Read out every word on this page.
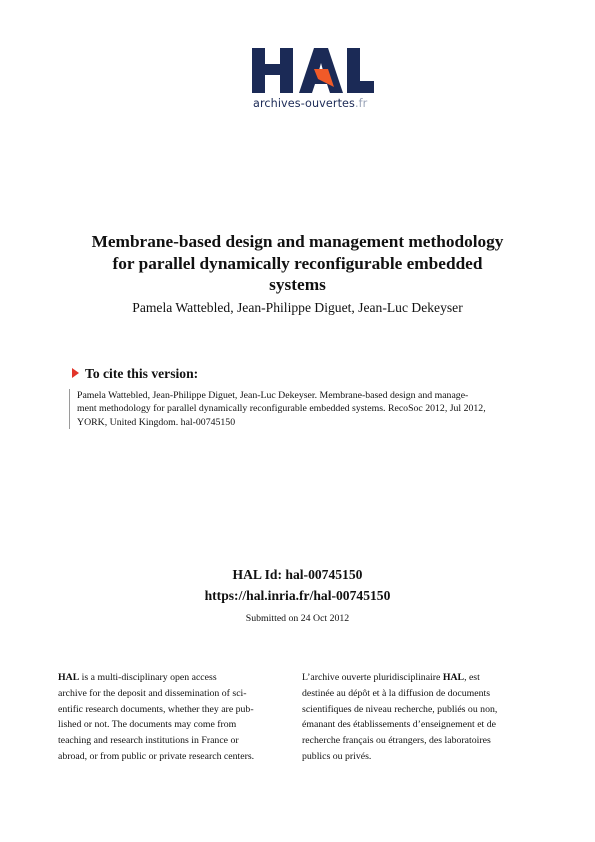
archives-ouvertes.fr
Membrane-based design and management methodology
for parallel dynamically reconfigurable embedded
systems
Pamela Wattebled, Jean-Philippe Diguet, Jean-Luc Dekeyser
To cite this version:
Pamela Wattebled, Jean-Philippe Diguet, Jean-Luc Dekeyser. Membrane-based design and manage-
ment methodology for parallel dynamically reconfigurable embedded systems. RecoSoc 2012, Jul 2012,
YORK, United Kingdom. hal-00745150
HAL Id: hal-00745150
https://hal.inria.fr/hal-00745150
Submitted on 24 Oct 2012
HAL is a multi-disciplinary open access
archive for the deposit and dissemination of sci-
entific research documents, whether they are pub-
lished or not. The documents may come from
teaching and research institutions in France or
abroad, or from public or private research centers.
L’archive ouverte pluridisciplinaire HAL, est
destinée au dépôt et à la diffusion de documents
scientifiques de niveau recherche, publiés ou non,
émanant des établissements d’enseignement et de
recherche français ou étrangers, des laboratoires
publics ou privés.
